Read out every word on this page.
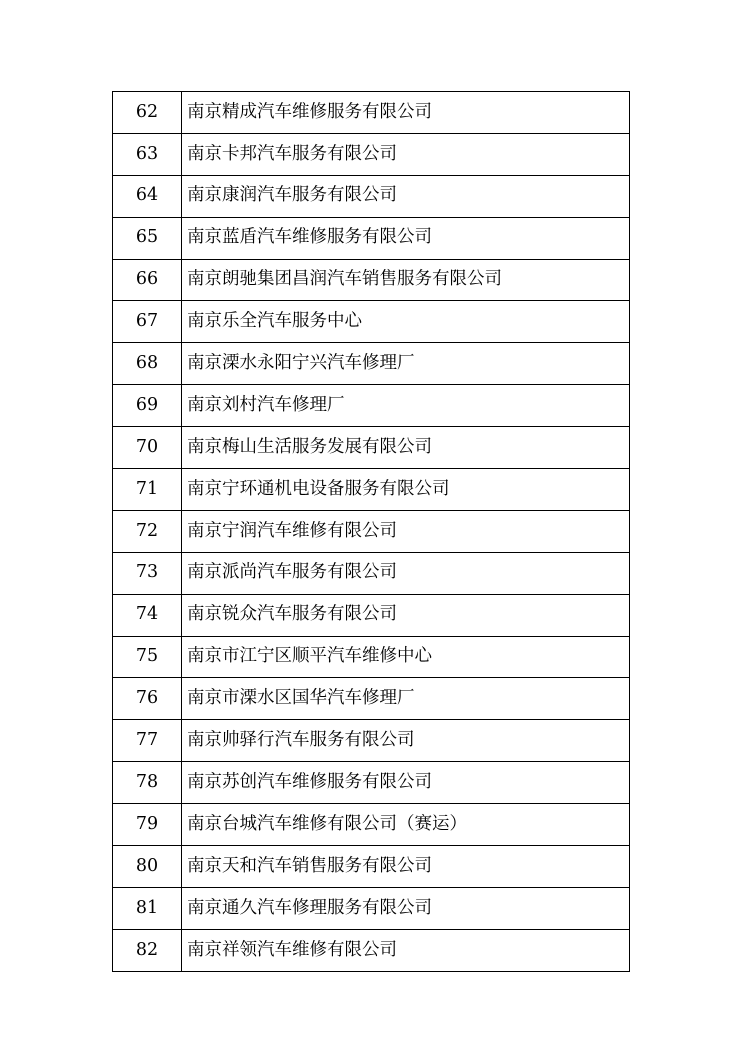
62	南京精成汽车维修服务有限公司
63	南京卡邦汽车服务有限公司
64	南京康润汽车服务有限公司
65	南京蓝盾汽车维修服务有限公司
66	南京朗驰集团昌润汽车销售服务有限公司
67	南京乐全汽车服务中心
68	南京溧水永阳宁兴汽车修理厂
69	南京刘村汽车修理厂
70	南京梅山生活服务发展有限公司
71	南京宁环通机电设备服务有限公司
72	南京宁润汽车维修有限公司
73	南京派尚汽车服务有限公司
74	南京锐众汽车服务有限公司
75	南京市江宁区顺平汽车维修中心
76	南京市溧水区国华汽车修理厂
77	南京帅驿行汽车服务有限公司
78	南京苏创汽车维修服务有限公司
79	南京台城汽车维修有限公司（赛运）
80	南京天和汽车销售服务有限公司
81	南京通久汽车修理服务有限公司
82	南京祥领汽车维修有限公司
